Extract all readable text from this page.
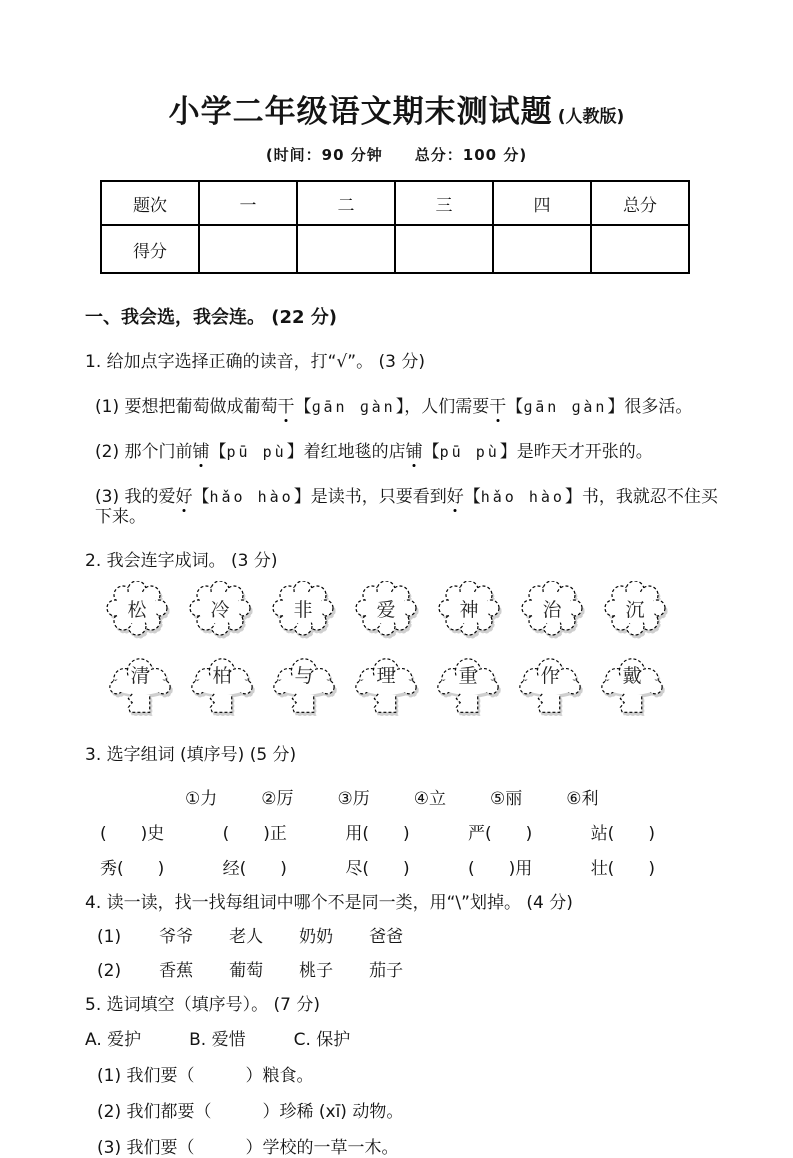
小学二年级语文期末测试题 (人教版)
(时间：90 分钟　　总分：100 分)
题次	一	二	三	四	总分
得分					
一、我会选，我会连。 (22 分)
1. 给加点字选择正确的读音，打“√”。 (3 分)
(1) 要想把葡萄做成葡萄干【ɡān ɡàn】，人们需要干【ɡān ɡàn】很多活。
(2) 那个门前铺【pū pù】着红地毯的店铺【pū pù】是昨天才开张的。
(3) 我的爱好【hǎo hào】是读书，只要看到好【hǎo hào】书，我就忍不住买下来。
2. 我会连字成词。 (3 分)
松	冷	非	爱	神	治	沉
清	柏	与	理	重	作	戴
3. 选字组词 (填序号) (5 分)
①力	②厉	③历	④立	⑤丽	⑥利
(　　)史	(　　)正	用(　　)	严(　　)	站(　　)
秀(　　)	经(　　)	尽(　　)	(　　)用	壮(　　)
4. 读一读，找一找每组词中哪个不是同一类，用“\”划掉。 (4 分)
(1) 爷爷 老人 奶奶 爸爸
(2) 香蕉 葡萄 桃子 茄子
5. 选词填空（填序号）。 (7 分)
A. 爱护	B. 爱惜	C. 保护
(1) 我们要（　　　）粮食。
(2) 我们都要（　　　）珍稀 (xī) 动物。
(3) 我们要（　　　）学校的一草一木。
